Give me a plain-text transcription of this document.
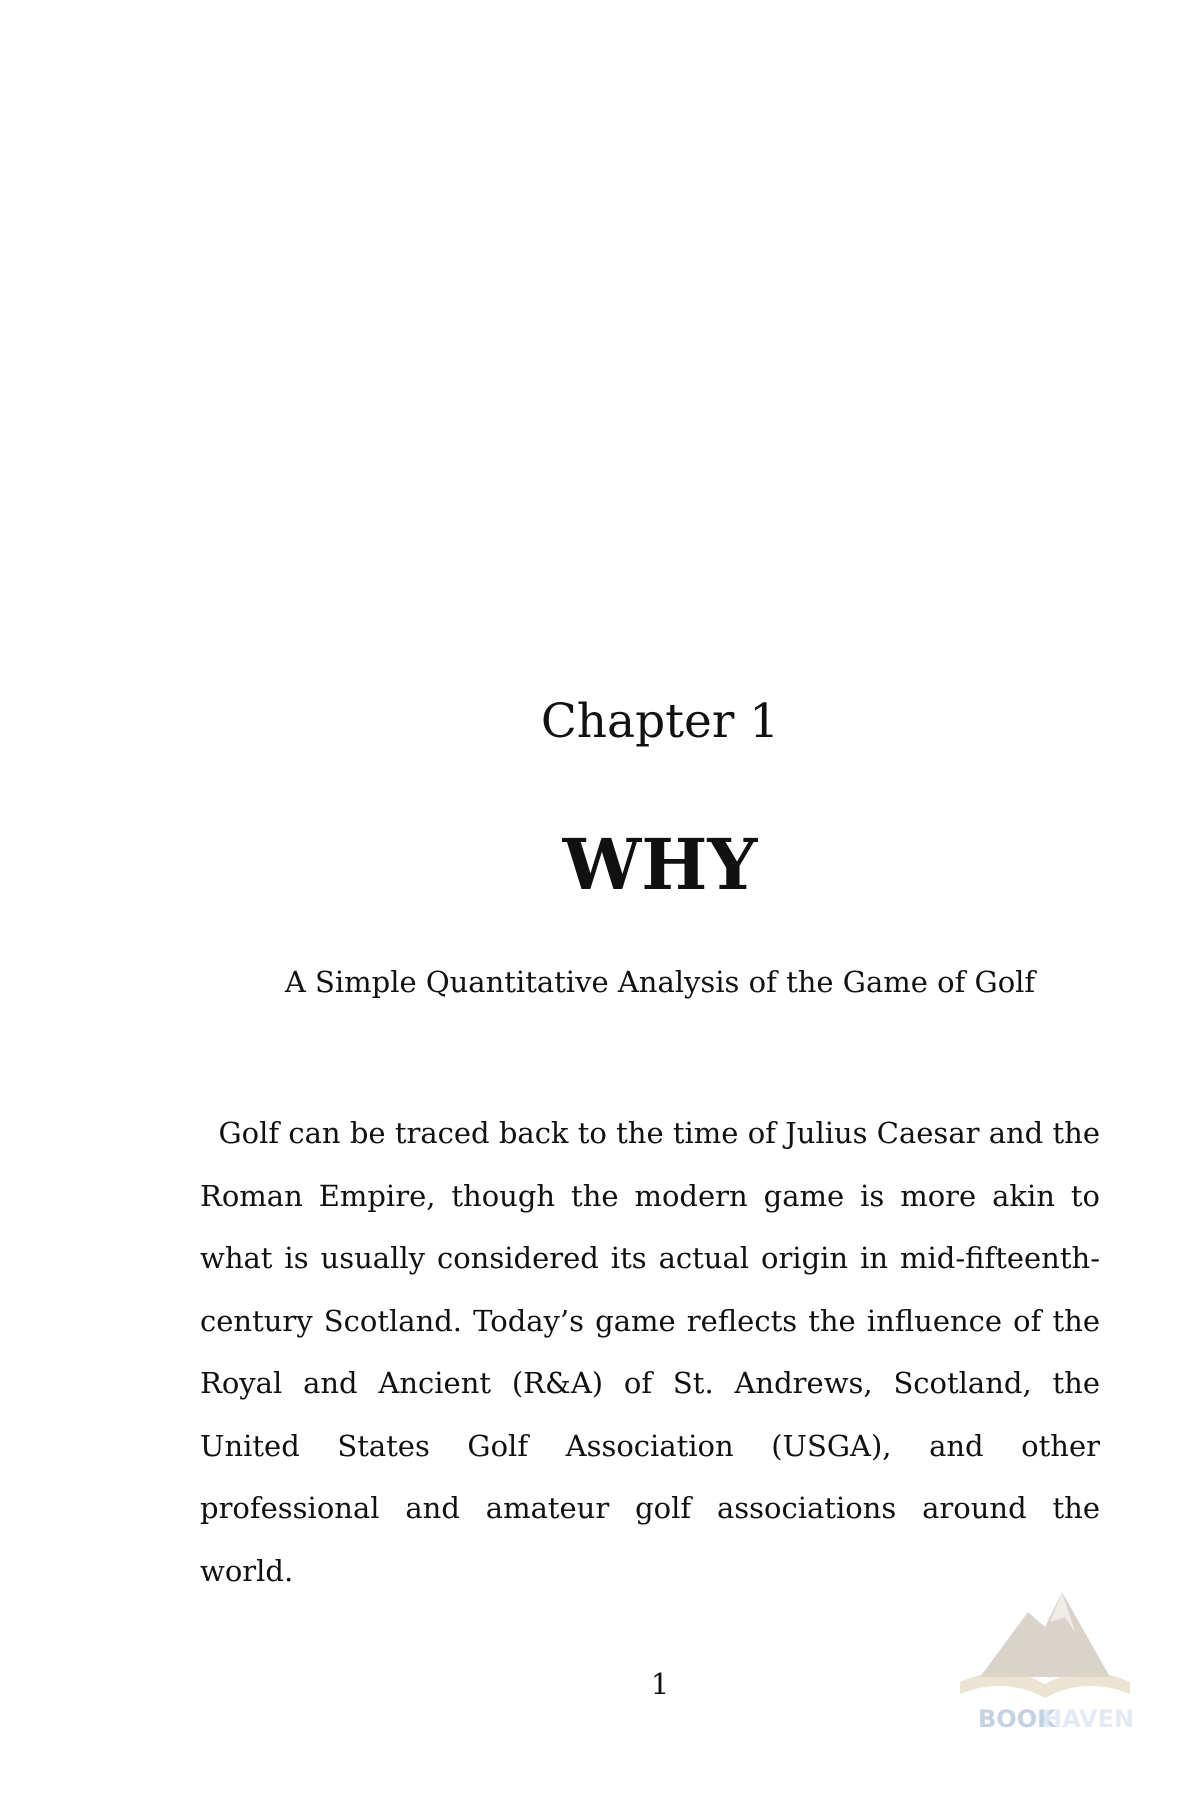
Chapter 1
WHY
A Simple Quantitative Analysis of the Game of Golf

Golf can be traced back to the time of Julius Caesar and the Roman Empire, though the modern game is more akin to what is usually considered its actual origin in mid-fifteenth-century Scotland. Today’s game reflects the influence of the Royal and Ancient (R&A) of St. Andrews, Scotland, the United States Golf Association (USGA), and other professional and amateur golf associations around the world.

1
BOOK
HAVEN
